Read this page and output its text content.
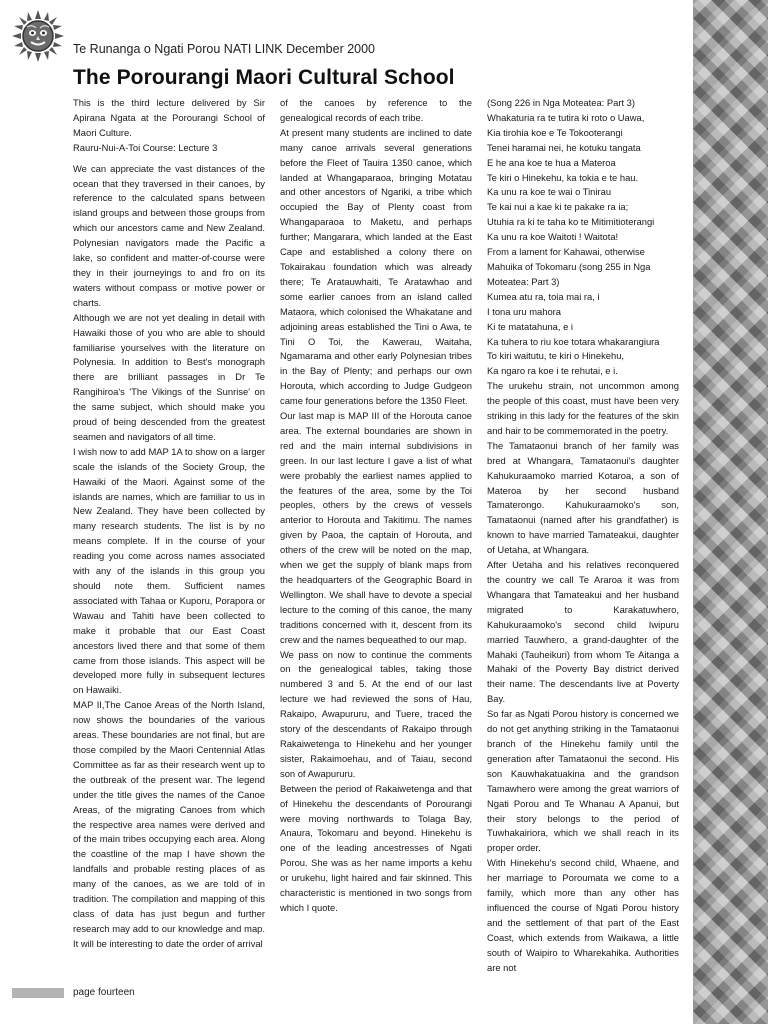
Te Runanga o Ngati Porou NATI LINK December 2000
The Porourangi Maori Cultural School

This is the third lecture delivered by Sir Apirana Ngata at the Porourangi School of Maori Culture.

Rauru-Nui-A-Toi Course: Lecture 3

We can appreciate the vast distances of the ocean that they traversed in their canoes, by reference to the calculated spans between island groups and between those groups from which our ancestors came and New Zealand. Polynesian navigators made the Pacific a lake, so confident and matter-of-course were they in their journeyings to and fro on its waters without compass or motive power or charts.

Although we are not yet dealing in detail with Hawaiki those of you who are able to should familiarise yourselves with the literature on Polynesia. In addition to Best's monograph there are brilliant passages in Dr Te Rangihiroa's 'The Vikings of the Sunrise' on the same subject, which should make you proud of being descended from the greatest seamen and navigators of all time.

I wish now to add MAP 1A to show on a larger scale the islands of the Society Group, the Hawaiki of the Maori. Against some of the islands are names, which are familiar to us in New Zealand. They have been collected by many research students. The list is by no means complete. If in the course of your reading you come across names associated with any of the islands in this group you should note them. Sufficient names associated with Tahaa or Kuporu, Porapora or Wawau and Tahiti have been collected to make it probable that our East Coast ancestors lived there and that some of them came from those islands. This aspect will be developed more fully in subsequent lectures on Hawaiki.

MAP II,The Canoe Areas of the North Island, now shows the boundaries of the various areas. These boundaries are not final, but are those compiled by the Maori Centennial Atlas Committee as far as their research went up to the outbreak of the present war. The legend under the title gives the names of the Canoe Areas, of the migrating Canoes from which the respective area names were derived and of the main tribes occupying each area. Along the coastline of the map I have shown the landfalls and probable resting places of as many of the canoes, as we are told of in tradition. The compilation and mapping of this class of data has just begun and further research may add to our knowledge and map. It will be interesting to date the order of arrival

of the canoes by reference to the genealogical records of each tribe.

At present many students are inclined to date many canoe arrivals several generations before the Fleet of Tauira 1350 canoe, which landed at Whangaparaoa, bringing Motatau and other ancestors of Ngariki, a tribe which occupied the Bay of Plenty coast from Whangaparaoa to Maketu, and perhaps further; Mangarara, which landed at the East Cape and established a colony there on Tokairakau foundation which was already there; Te Aratauwhaiti, Te Aratawhao and some earlier canoes from an island called Mataora, which colonised the Whakatane and adjoining areas established the Tini o Awa, te Tini O Toi, the Kawerau, Waitaha, Ngamarama and other early Polynesian tribes in the Bay of Plenty; and perhaps our own Horouta, which according to Judge Gudgeon came four generations before the 1350 Fleet.

Our last map is MAP III of the Horouta canoe area. The external boundaries are shown in red and the main internal subdivisions in green. In our last lecture I gave a list of what were probably the earliest names applied to the features of the area, some by the Toi peoples, others by the crews of vessels anterior to Horouta and Takitimu. The names given by Paoa, the captain of Horouta, and others of the crew will be noted on the map, when we get the supply of blank maps from the headquarters of the Geographic Board in Wellington. We shall have to devote a special lecture to the coming of this canoe, the many traditions concerned with it, descent from its crew and the names bequeathed to our map.

We pass on now to continue the comments on the genealogical tables, taking those numbered 3 and 5. At the end of our last lecture we had reviewed the sons of Hau, Rakaipo, Awapururu, and Tuere, traced the story of the descendants of Rakaipo through Rakaiwetenga to Hinekehu and her younger sister, Rakaimoehau, and of Taiau, second son of Awapururu.

Between the period of Rakaiwetenga and that of Hinekehu the descendants of Porourangi were moving northwards to Tolaga Bay, Anaura, Tokomaru and beyond. Hinekehu is one of the leading ancestresses of Ngati Porou. She was as her name imports a kehu or urukehu, light haired and fair skinned. This characteristic is mentioned in two songs from which I quote.

(Song 226 in Nga Moteatea: Part 3)
Whakaturia ra te tutira ki roto o Uawa,
Kia tirohia koe e Te Tokooterangi
Tenei haramai nei, he kotuku tangata
E he ana koe te hua a Materoa
Te kiri o Hinekehu, ka tokia e te hau.
Ka unu ra koe te wai o Tinirau
Te kai nui a kae ki te pakake ra ia;
Utuhia ra ki te taha ko te Mitimitioterangi
Ka unu ra koe Waitoti ! Waitota!

From a lament for Kahawai, otherwise Mahuika of Tokomaru (song 255 in Nga Moteatea: Part 3)
Kumea atu ra, toia mai ra, i
I tona uru mahora
Ki te matatahuna, e i
Ka tuhera to riu koe totara whakarangiura
To kiri waitutu, te kiri o Hinekehu,
Ka ngaro ra koe i te rehutai, e i.

The urukehu strain, not uncommon among the people of this coast, must have been very striking in this lady for the features of the skin and hair to be commemorated in the poetry.

The Tamataonui branch of her family was bred at Whangara, Tamataonui's daughter Kahukuraamoko married Kotaroa, a son of Materoa by her second husband Tamaterongo. Kahukuraamoko's son, Tamataonui (named after his grandfather) is known to have married Tamateakui, daughter of Uetaha, at Whangara.

After Uetaha and his relatives reconquered the country we call Te Araroa it was from Whangara that Tamateakui and her husband migrated to Karakatuwhero, Kahukuraamoko's second child Iwipuru married Tauwhero, a grand-daughter of the Mahaki (Tauheikuri) from whom Te Aitanga a Mahaki of the Poverty Bay district derived their name. The descendants live at Poverty Bay.

So far as Ngati Porou history is concerned we do not get anything striking in the Tamataonui branch of the Hinekehu family until the generation after Tamataonui the second. His son Kauwhakatuakina and the grandson Tamawhero were among the great warriors of Ngati Porou and Te Whanau A Apanui, but their story belongs to the period of Tuwhakairiora, which we shall reach in its proper order.

With Hinekehu's second child, Whaene, and her marriage to Poroumata we come to a family, which more than any other has influenced the course of Ngati Porou history and the settlement of that part of the East Coast, which extends from Waikawa, a little south of Waipiro to Wharekahika. Authorities are not

page fourteen
